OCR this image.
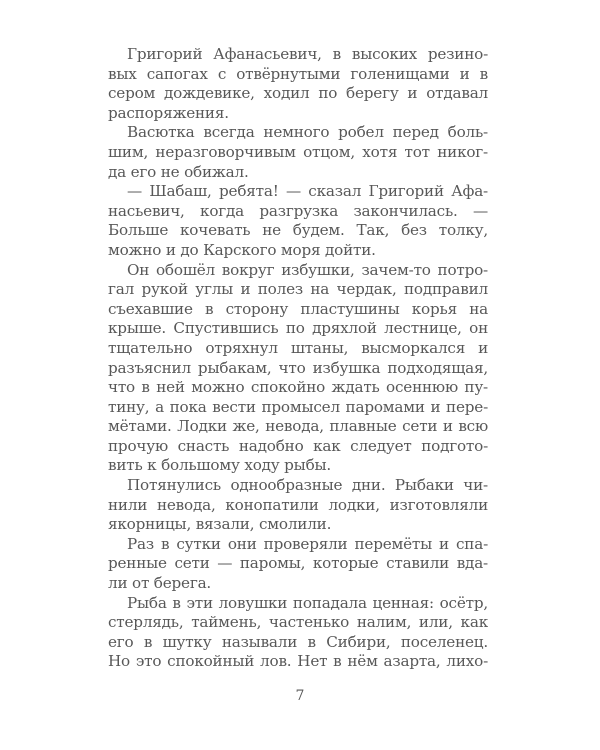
Григорий Афанасьевич, в высоких резино-
вых сапогах с отвёрнутыми голенищами и в
сером дождевике, ходил по берегу и отдавал
распоряжения.
Васютка всегда немного робел перед боль-
шим, неразговорчивым отцом, хотя тот никог-
да его не обижал.
— Шабаш, ребята! — сказал Григорий Афа-
насьевич, когда разгрузка закончилась. —
Больше кочевать не будем. Так, без толку,
можно и до Карского моря дойти.
Он обошёл вокруг избушки, зачем-то потро-
гал рукой углы и полез на чердак, подправил
съехавшие в сторону пластушины корья на
крыше. Спустившись по дряхлой лестнице, он
тщательно отряхнул штаны, высморкался и
разъяснил рыбакам, что избушка подходящая,
что в ней можно спокойно ждать осеннюю пу-
тину, а пока вести промысел паромами и пере-
мётами. Лодки же, невода, плавные сети и всю
прочую снасть надобно как следует подгото-
вить к большому ходу рыбы.
Потянулись однообразные дни. Рыбаки чи-
нили невода, конопатили лодки, изготовляли
якорницы, вязали, смолили.
Раз в сутки они проверяли перемёты и спа-
ренные сети — паромы, которые ставили вда-
ли от берега.
Рыба в эти ловушки попадала ценная: осётр,
стерлядь, таймень, частенько налим, или, как
его в шутку называли в Сибири, поселенец.
Но это спокойный лов. Нет в нём азарта, лихо-
7
